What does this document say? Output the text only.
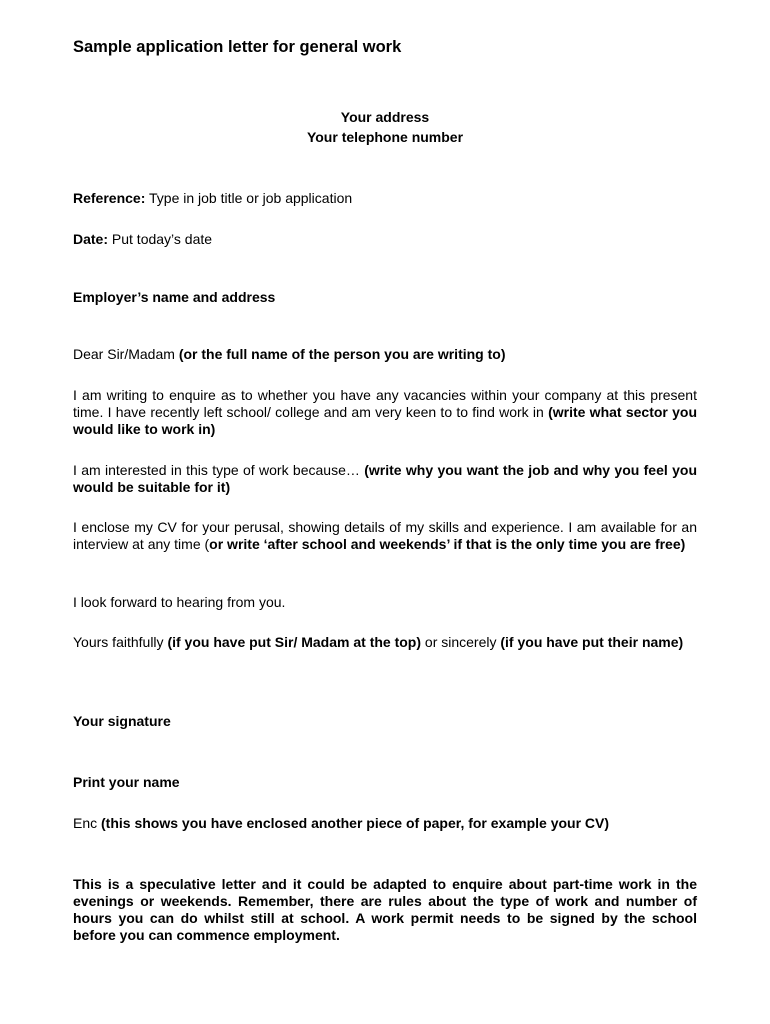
Sample application letter for general work
Your address
Your telephone number

Reference: Type in job title or job application

Date: Put today’s date

Employer’s name and address

Dear Sir/Madam (or the full name of the person you are writing to)

I am writing to enquire as to whether you have any vacancies within your company at this present time. I have recently left school/ college and am very keen to to find work in (write what sector you would like to work in)

I am interested in this type of work because… (write why you want the job and why you feel you would be suitable for it)

I enclose my CV for your perusal, showing details of my skills and experience. I am available for an interview at any time (or write ‘after school and weekends’ if that is the only time you are free)

I look forward to hearing from you.

Yours faithfully (if you have put Sir/ Madam at the top) or sincerely (if you have put their name)

Your signature

Print your name

Enc (this shows you have enclosed another piece of paper, for example your CV)

This is a speculative letter and it could be adapted to enquire about part-time work in the evenings or weekends. Remember, there are rules about the type of work and number of hours you can do whilst still at school. A work permit needs to be signed by the school before you can commence employment.
